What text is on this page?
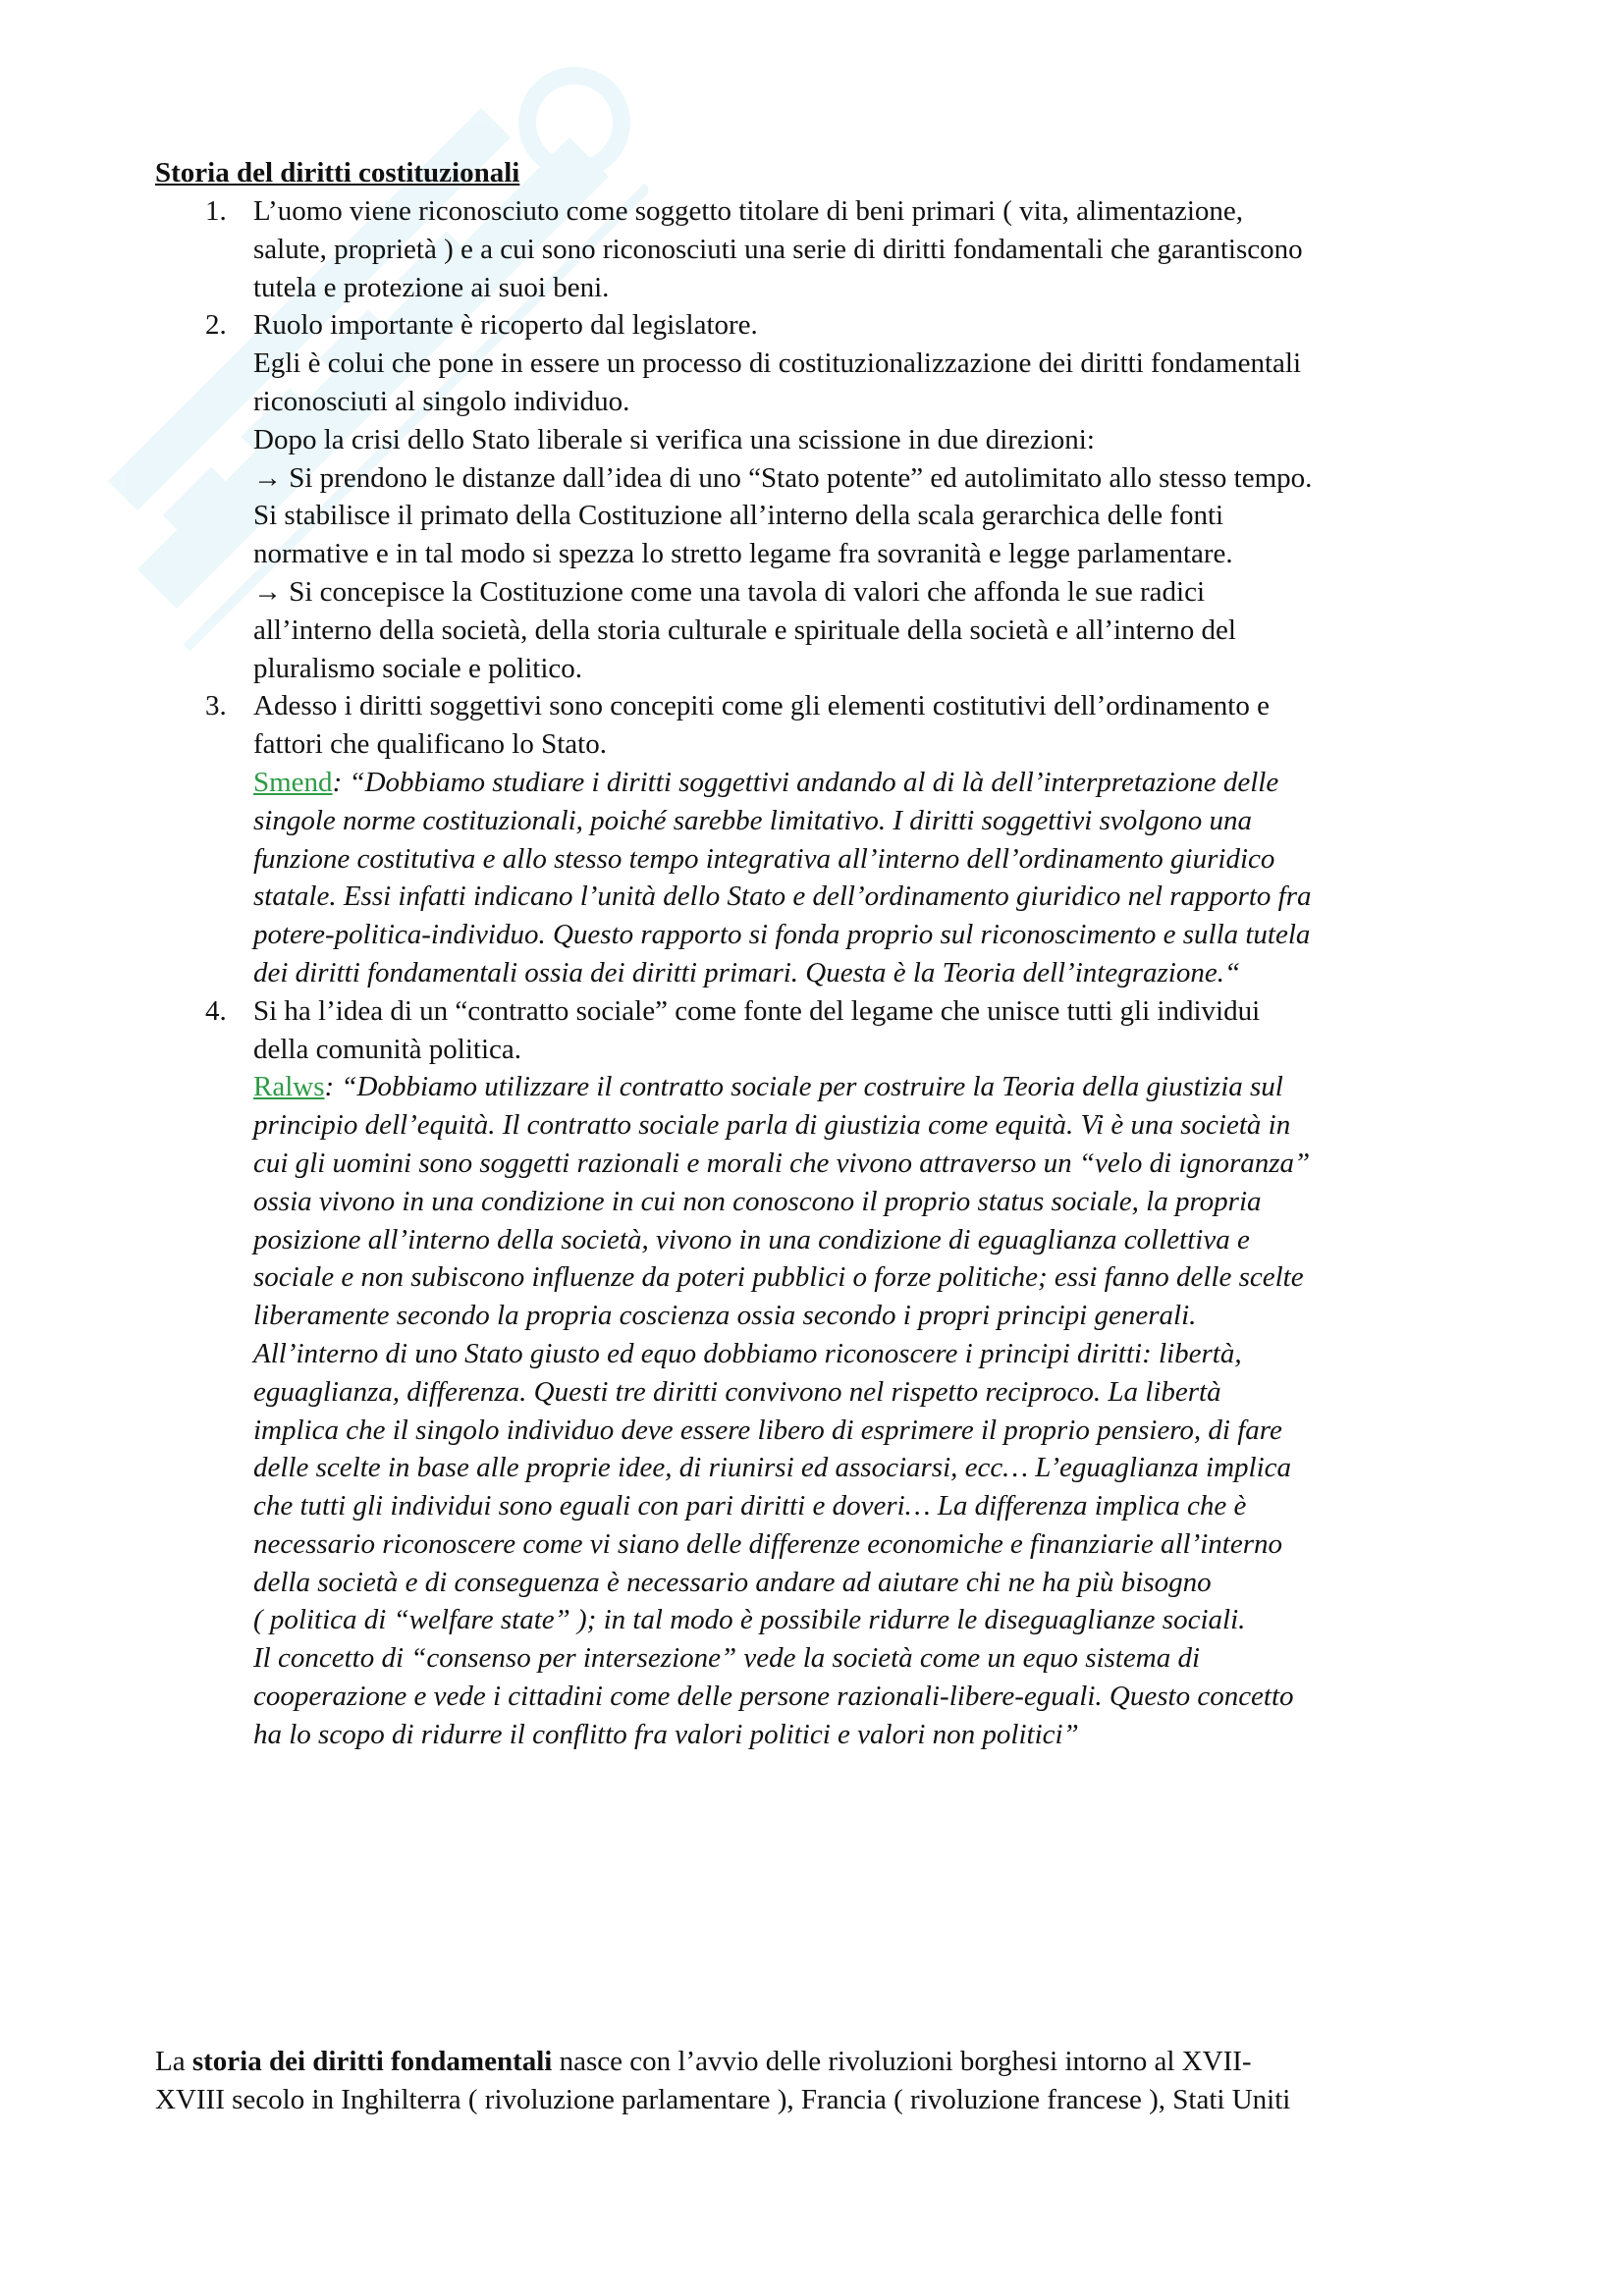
Storia del diritti costituzionali
1. L’uomo viene riconosciuto come soggetto titolare di beni primari ( vita, alimentazione,
salute, proprietà ) e a cui sono riconosciuti una serie di diritti fondamentali che garantiscono
tutela e protezione ai suoi beni.
2. Ruolo importante è ricoperto dal legislatore.
Egli è colui che pone in essere un processo di costituzionalizzazione dei diritti fondamentali
riconosciuti al singolo individuo.
Dopo la crisi dello Stato liberale si verifica una scissione in due direzioni:
→ Si prendono le distanze dall’idea di uno “Stato potente” ed autolimitato allo stesso tempo.
Si stabilisce il primato della Costituzione all’interno della scala gerarchica delle fonti
normative e in tal modo si spezza lo stretto legame fra sovranità e legge parlamentare.
→ Si concepisce la Costituzione come una tavola di valori che affonda le sue radici
all’interno della società, della storia culturale e spirituale della società e all’interno del
pluralismo sociale e politico.
3. Adesso i diritti soggettivi sono concepiti come gli elementi costitutivi dell’ordinamento e
fattori che qualificano lo Stato.
Smend: “Dobbiamo studiare i diritti soggettivi andando al di là dell’interpretazione delle
singole norme costituzionali, poiché sarebbe limitativo. I diritti soggettivi svolgono una
funzione costitutiva e allo stesso tempo integrativa all’interno dell’ordinamento giuridico
statale. Essi infatti indicano l’unità dello Stato e dell’ordinamento giuridico nel rapporto fra
potere-politica-individuo. Questo rapporto si fonda proprio sul riconoscimento e sulla tutela
dei diritti fondamentali ossia dei diritti primari. Questa è la Teoria dell’integrazione.“
4. Si ha l’idea di un “contratto sociale” come fonte del legame che unisce tutti gli individui
della comunità politica.
Ralws: “Dobbiamo utilizzare il contratto sociale per costruire la Teoria della giustizia sul
principio dell’equità. Il contratto sociale parla di giustizia come equità. Vi è una società in
cui gli uomini sono soggetti razionali e morali che vivono attraverso un “velo di ignoranza”
ossia vivono in una condizione in cui non conoscono il proprio status sociale, la propria
posizione all’interno della società, vivono in una condizione di eguaglianza collettiva e
sociale e non subiscono influenze da poteri pubblici o forze politiche; essi fanno delle scelte
liberamente secondo la propria coscienza ossia secondo i propri principi generali.
All’interno di uno Stato giusto ed equo dobbiamo riconoscere i principi diritti: libertà,
eguaglianza, differenza. Questi tre diritti convivono nel rispetto reciproco. La libertà
implica che il singolo individuo deve essere libero di esprimere il proprio pensiero, di fare
delle scelte in base alle proprie idee, di riunirsi ed associarsi, ecc… L’eguaglianza implica
che tutti gli individui sono eguali con pari diritti e doveri… La differenza implica che è
necessario riconoscere come vi siano delle differenze economiche e finanziarie all’interno
della società e di conseguenza è necessario andare ad aiutare chi ne ha più bisogno
( politica di “welfare state” ); in tal modo è possibile ridurre le diseguaglianze sociali.
Il concetto di “consenso per intersezione” vede la società come un equo sistema di
cooperazione e vede i cittadini come delle persone razionali-libere-eguali. Questo concetto
ha lo scopo di ridurre il conflitto fra valori politici e valori non politici”
La storia dei diritti fondamentali nasce con l’avvio delle rivoluzioni borghesi intorno al XVII-
XVIII secolo in Inghilterra ( rivoluzione parlamentare ), Francia ( rivoluzione francese ), Stati Uniti
